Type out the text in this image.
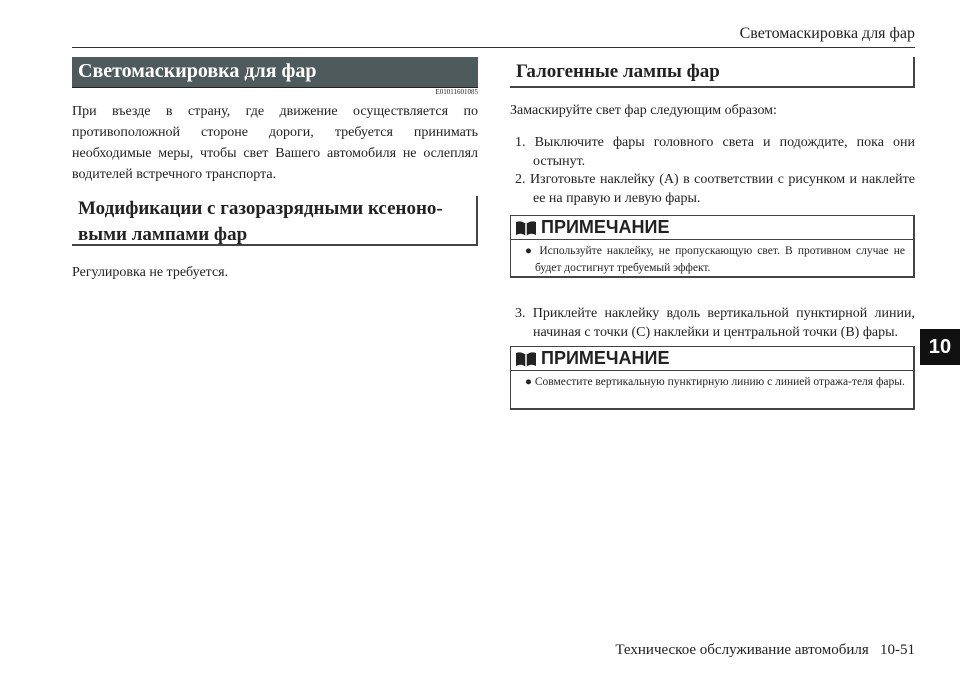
Светомаскировка для фар
Светомаскировка для фар
E01011601085
При въезде в страну, где движение осуществляется по противоположной стороне дороги, требуется принимать необходимые меры, чтобы свет Вашего автомобиля не ослеплял водителей встречного транспорта.
Модификации с газоразрядными ксеноно-выми лампами фар
Регулировка не требуется.
Галогенные лампы фар
Замаскируйте свет фар следующим образом:
1. Выключите фары головного света и подождите, пока они остынут.
2. Изготовьте наклейку (A) в соответствии с рисунком и наклейте ее на правую и левую фары.
ПРИМЕЧАНИЕ
● Используйте наклейку, не пропускающую свет. В противном случае не будет достигнут требуемый эффект.
3. Приклейте наклейку вдоль вертикальной пунктирной линии, начиная с точки (C) наклейки и центральной точки (B) фары.
ПРИМЕЧАНИЕ
● Совместите вертикальную пунктирную линию с линией отража-теля фары.
10
Техническое обслуживание автомобиля   10-51
